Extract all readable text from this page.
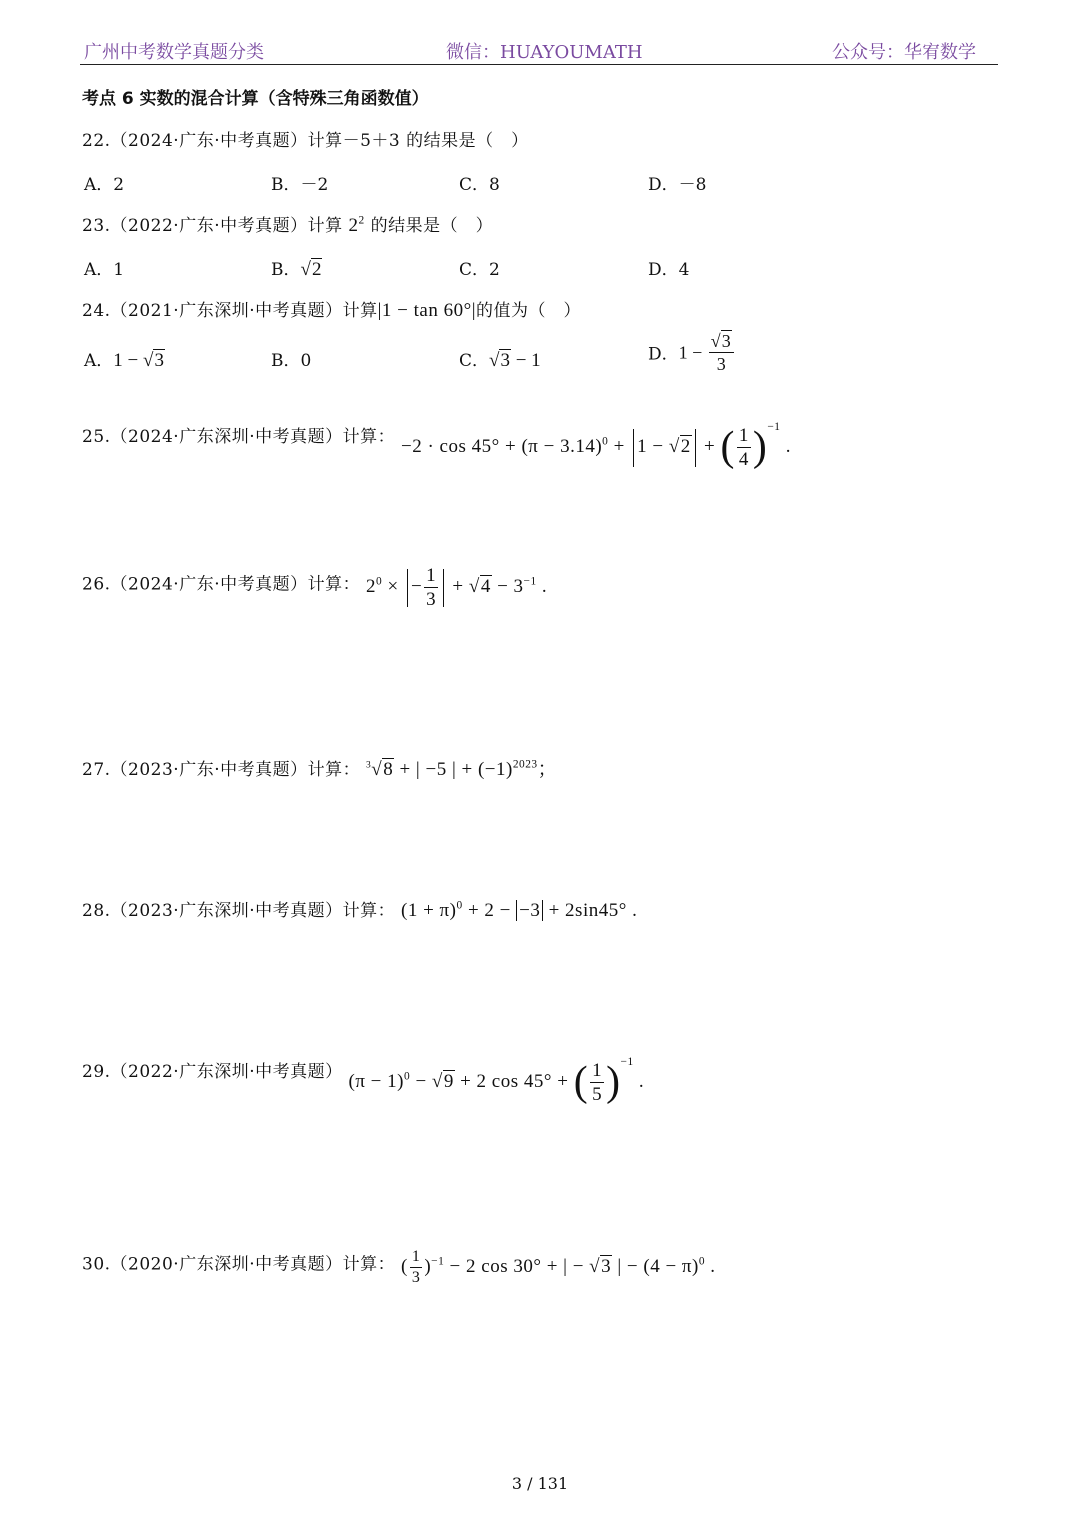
广州中考数学真题分类	微信：HUAYOUMATH	公众号：华宥数学
考点 6 实数的混合计算（含特殊三角函数值）
22.（2024·广东·中考真题）计算－5＋3 的结果是（　）
A．2	B．－2	C．8	D．－8
23.（2022·广东·中考真题）计算 $2^2$ 的结果是（　）
A．1	B．√2	C．2	D．4
24.（2021·广东深圳·中考真题）计算|1 − tan 60°|的值为（　）
A．1 − √3	B．0	C．√3 − 1	D．$1 - \frac{√3}{3}$
25.（2024·广东深圳·中考真题）计算： $-2 \cdot \cos 45^\circ + (\pi - 3.14)^0 + 1 - √2$ + ( $\frac{1}{4} )^{-1}$ .
26.（2024·广东·中考真题）计算： $2^0$ × − $\frac{1}{3} + √4 - 3^{-1}$ .
27.（2023·广东·中考真题）计算： $^3$√8 + | −5 | + $(-1)^{2023}$；
28.（2023·广东深圳·中考真题）计算： $(1 + \pi)^0 + 2 - -3 + 2\sin 45^\circ$ .
29.（2022·广东深圳·中考真题） $(\pi - 1)^0 - √9 + 2$ cos 45° + ( $\frac{1}{5} )^{-1}$ .
30.（2020·广东深圳·中考真题）计算： ( $\frac{1}{3} )^{-1} - 2$ cos 30° + | − √3 | − $(4 - \pi)^0$ .
3 / 131
